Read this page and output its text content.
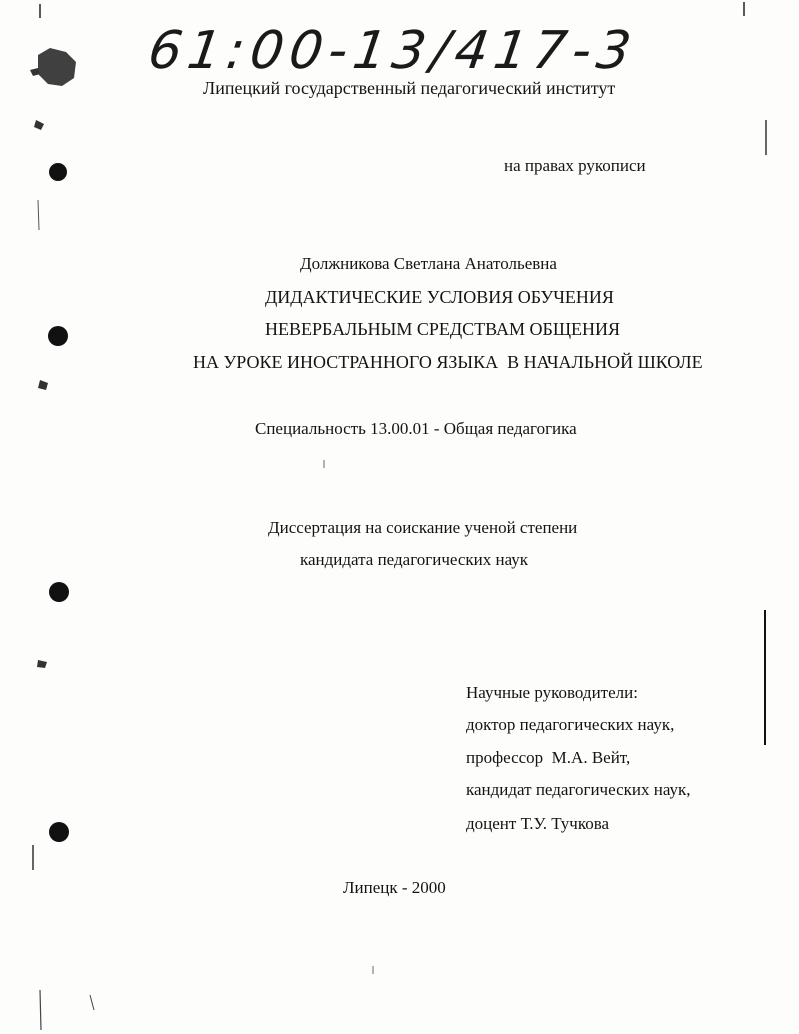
61:00-13/417-3
Липецкий государственный педагогический институт
на правах рукописи
Должникова Светлана Анатольевна
ДИДАКТИЧЕСКИЕ УСЛОВИЯ ОБУЧЕНИЯ
НЕВЕРБАЛЬНЫМ СРЕДСТВАМ ОБЩЕНИЯ
НА УРОКЕ ИНОСТРАННОГО ЯЗЫКА  В НАЧАЛЬНОЙ ШКОЛЕ
Специальность 13.00.01 - Общая педагогика
Диссертация на соискание ученой степени
кандидата педагогических наук
Научные руководители:
доктор педагогических наук,
профессор  М.А. Вейт,
кандидат педагогических наук,
доцент Т.У. Тучкова
Липецк - 2000
